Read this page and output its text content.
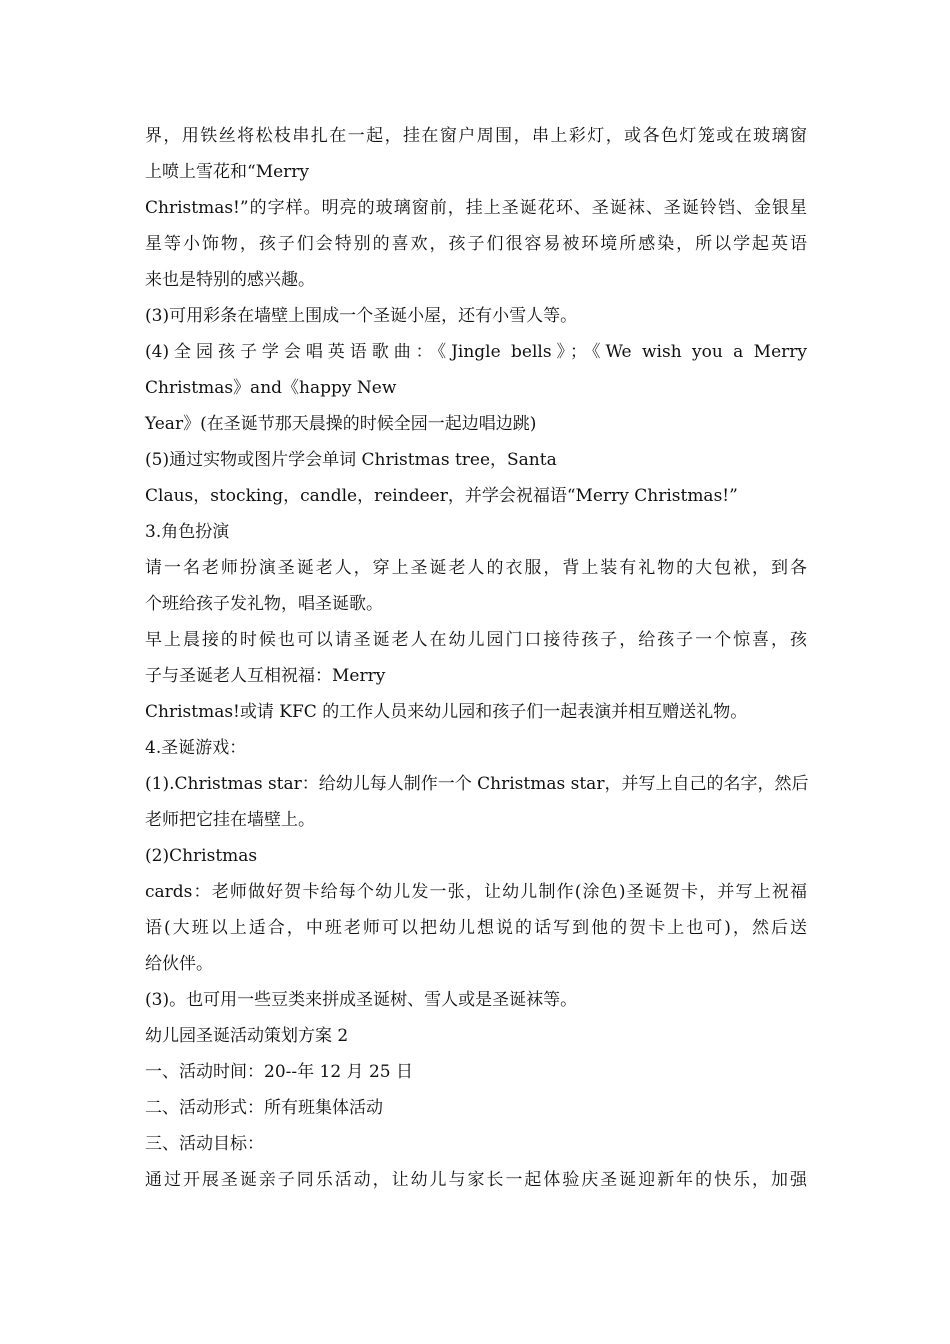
界，用铁丝将松枝串扎在一起，挂在窗户周围，串上彩灯，或各色灯笼或在玻璃窗
上喷上雪花和“Merry
Christmas!”的字样。明亮的玻璃窗前，挂上圣诞花环、圣诞袜、圣诞铃铛、金银星
星等小饰物，孩子们会特别的喜欢，孩子们很容易被环境所感染，所以学起英语
来也是特别的感兴趣。
(3)可用彩条在墙壁上围成一个圣诞小屋，还有小雪人等。
(4)全园孩子学会唱英语歌曲：《Jingle bells》；《We wish you a Merry
Christmas》and《happy New
Year》(在圣诞节那天晨操的时候全园一起边唱边跳)
(5)通过实物或图片学会单词 Christmas tree，Santa
Claus，stocking，candle，reindeer，并学会祝福语“Merry Christmas!”
3.角色扮演
请一名老师扮演圣诞老人，穿上圣诞老人的衣服，背上装有礼物的大包袱，到各
个班给孩子发礼物，唱圣诞歌。
早上晨接的时候也可以请圣诞老人在幼儿园门口接待孩子，给孩子一个惊喜，孩
子与圣诞老人互相祝福：Merry
Christmas!或请 KFC 的工作人员来幼儿园和孩子们一起表演并相互赠送礼物。
4.圣诞游戏：
(1).Christmas star：给幼儿每人制作一个 Christmas star，并写上自己的名字，然后
老师把它挂在墙壁上。
(2)Christmas
cards：老师做好贺卡给每个幼儿发一张，让幼儿制作(涂色)圣诞贺卡，并写上祝福
语(大班以上适合，中班老师可以把幼儿想说的话写到他的贺卡上也可)，然后送
给伙伴。
(3)。也可用一些豆类来拼成圣诞树、雪人或是圣诞袜等。
幼儿园圣诞活动策划方案 2
一、活动时间：20--年 12 月 25 日
二、活动形式：所有班集体活动
三、活动目标：
通过开展圣诞亲子同乐活动，让幼儿与家长一起体验庆圣诞迎新年的快乐，加强
